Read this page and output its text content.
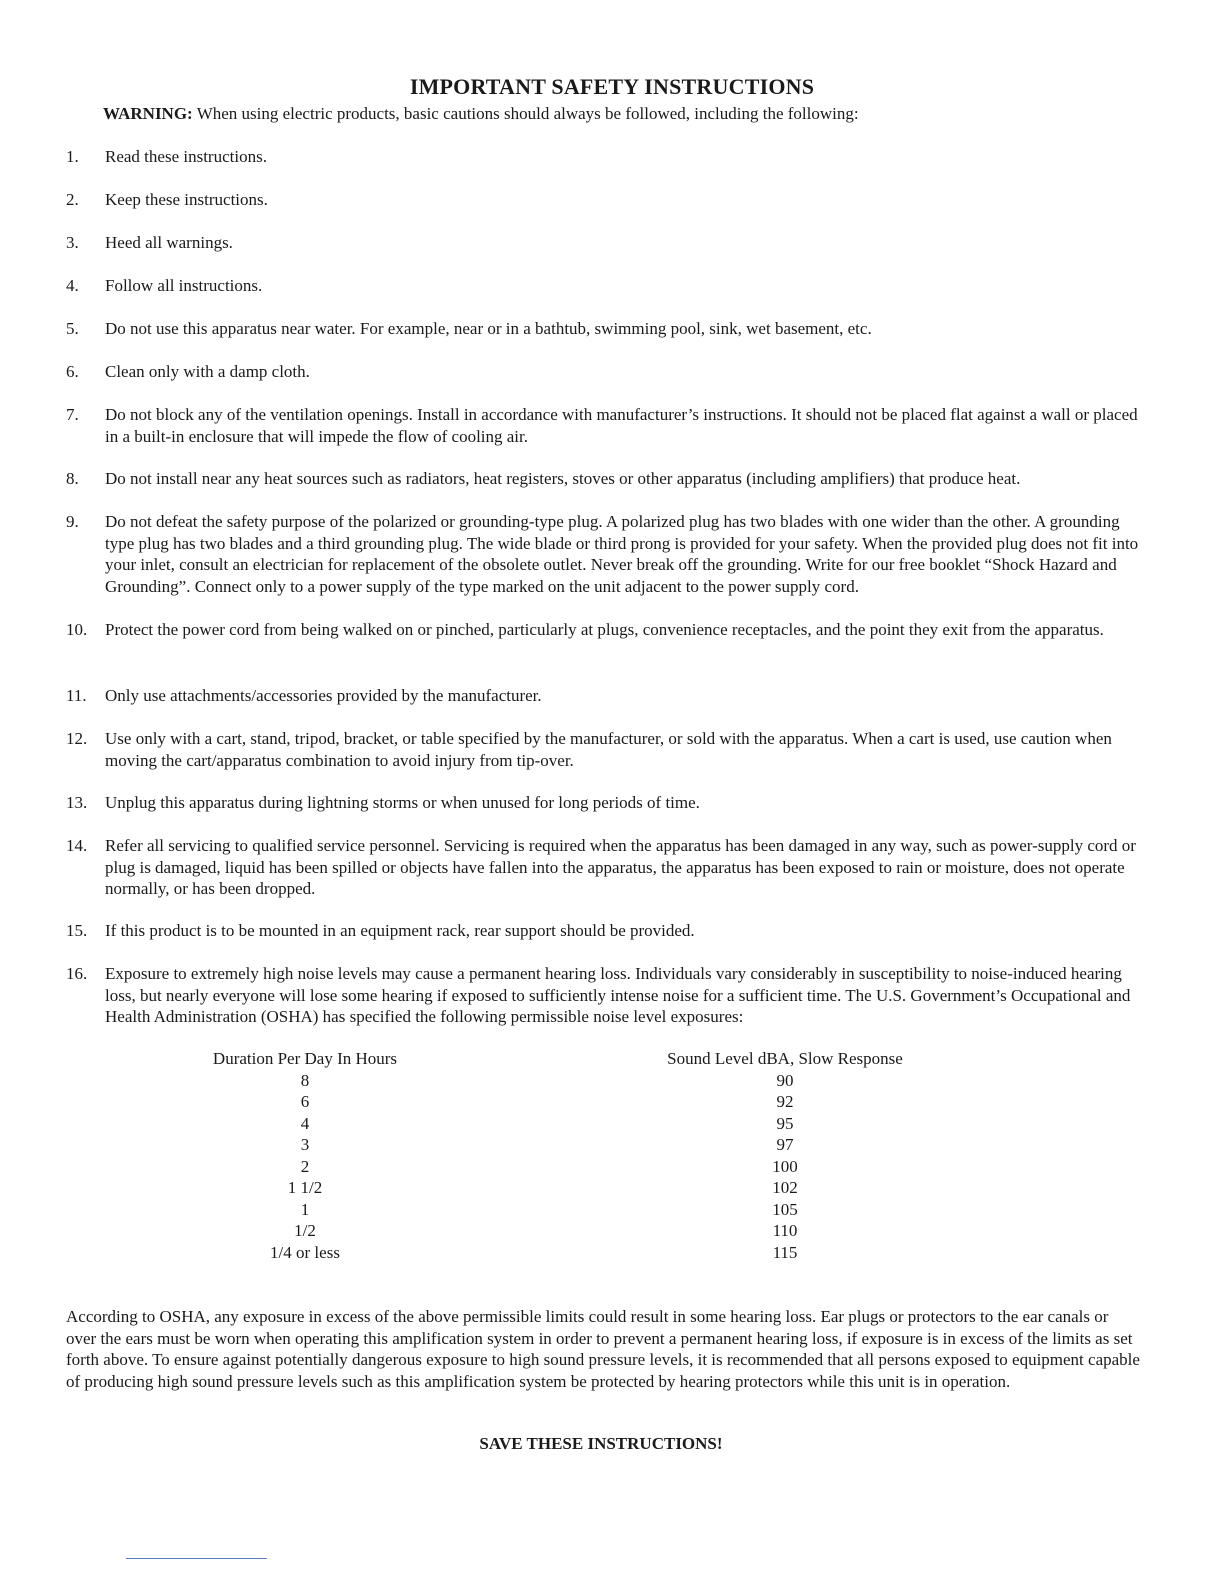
IMPORTANT SAFETY INSTRUCTIONS
WARNING: When using electric products, basic cautions should always be followed, including the following:
1.	Read these instructions.
2.	Keep these instructions.
3.	Heed all warnings.
4.	Follow all instructions.
5.	Do not use this apparatus near water. For example, near or in a bathtub, swimming pool, sink, wet basement, etc.
6.	Clean only with a damp cloth.
7.	Do not block any of the ventilation openings. Install in accordance with manufacturer’s instructions. It should not be placed flat against a wall or placed in a built-in enclosure that will impede the flow of cooling air.
8.	Do not install near any heat sources such as radiators, heat registers, stoves or other apparatus (including amplifiers) that produce heat.
9.	Do not defeat the safety purpose of the polarized or grounding-type plug. A polarized plug has two blades with one wider than the other. A grounding type plug has two blades and a third grounding plug. The wide blade or third prong is provided for your safety. When the provided plug does not fit into your inlet, consult an electrician for replacement of the obsolete outlet. Never break off the grounding. Write for our free booklet “Shock Hazard and Grounding”. Connect only to a power supply of the type marked on the unit adjacent to the power supply cord.
10.	Protect the power cord from being walked on or pinched, particularly at plugs, convenience receptacles, and the point they exit from the apparatus.
11.	Only use attachments/accessories provided by the manufacturer.
12.	Use only with a cart, stand, tripod, bracket, or table specified by the manufacturer, or sold with the apparatus. When a cart is used, use caution when moving the cart/apparatus combination to avoid injury from tip-over.
13.	Unplug this apparatus during lightning storms or when unused for long periods of time.
14.	Refer all servicing to qualified service personnel. Servicing is required when the apparatus has been damaged in any way, such as power-supply cord or plug is damaged, liquid has been spilled or objects have fallen into the apparatus, the apparatus has been exposed to rain or moisture, does not operate normally, or has been dropped.
15.	If this product is to be mounted in an equipment rack, rear support should be provided.
16.	Exposure to extremely high noise levels may cause a permanent hearing loss. Individuals vary considerably in susceptibility to noise-induced hearing loss, but nearly everyone will lose some hearing if exposed to sufficiently intense noise for a sufficient time. The U.S. Government’s Occupational and Health Administration (OSHA) has specified the following permissible noise level exposures:
Duration Per Day In Hours		Sound Level dBA, Slow Response
8		90
6		92
4		95
3		97
2		100
1 1/2		102
1		105
1/2		110
1/4 or less		115

According to OSHA, any exposure in excess of the above permissible limits could result in some hearing loss. Ear plugs or protectors to the ear canals or over the ears must be worn when operating this amplification system in order to prevent a permanent hearing loss, if exposure is in excess of the limits as set forth above. To ensure against potentially dangerous exposure to high sound pressure levels, it is recommended that all persons exposed to equipment capable of producing high sound pressure levels such as this amplification system be protected by hearing protectors while this unit is in operation.

SAVE THESE INSTRUCTIONS!
